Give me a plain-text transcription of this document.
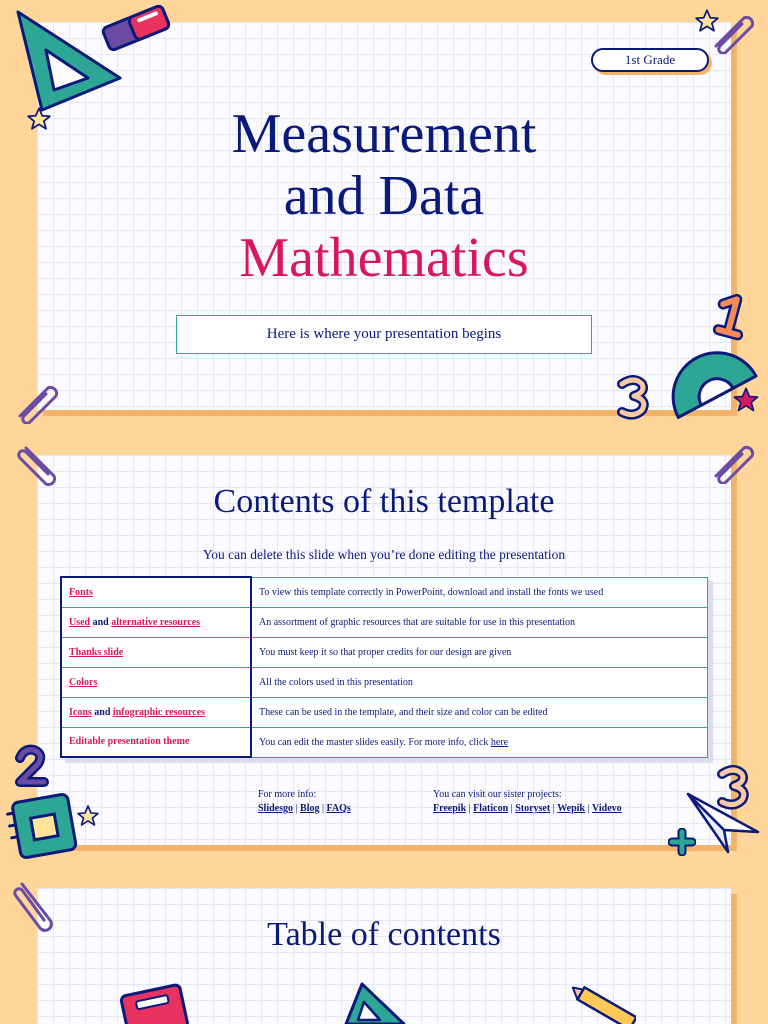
1st Grade
Measurement
and Data
Mathematics
Here is where your presentation begins
Contents of this template
You can delete this slide when you’re done editing the presentation
Fonts	To view this template correctly in PowerPoint, download and install the fonts we used
Used and alternative resources	An assortment of graphic resources that are suitable for use in this presentation
Thanks slide	You must keep it so that proper credits for our design are given
Colors	All the colors used in this presentation
Icons and infographic resources	These can be used in the template, and their size and color can be edited
Editable presentation theme	You can edit the master slides easily. For more info, click here
For more info:
Slidesgo | Blog | FAQs
You can visit our sister projects:
Freepik | Flaticon | Storyset | Wepik | Videvo
Table of contents
